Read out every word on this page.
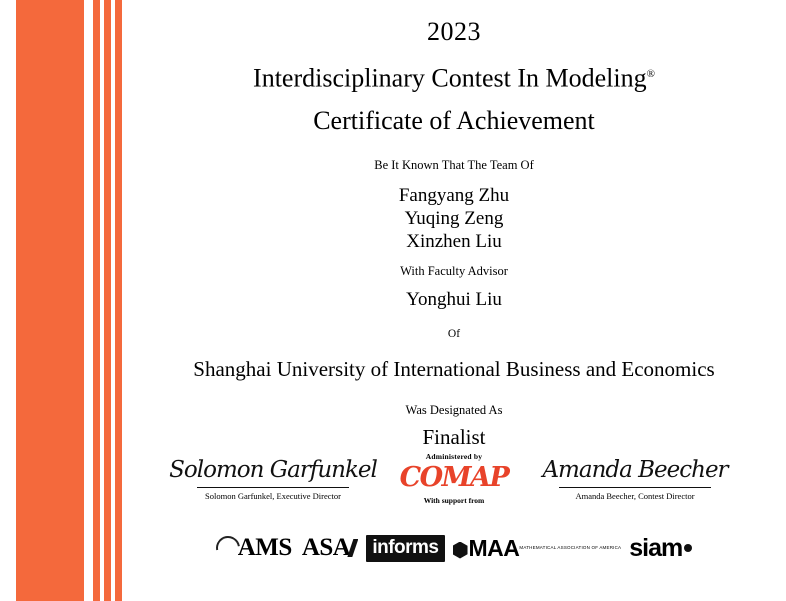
2023
Interdisciplinary Contest In Modeling®
Certificate of Achievement
Be It Known That The Team Of
Fangyang Zhu
Yuqing Zeng
Xinzhen Liu
With Faculty Advisor
Yonghui Liu
Of
Shanghai University of International Business and Economics
Was Designated As
Finalist
Solomon Garfunkel
Solomon Garfunkel, Executive Director
Amanda Beecher
Amanda Beecher, Contest Director
Administered by
COMAP
With support from
AMS ASA	informs	MAA MATHEMATICAL ASSOCIATION OF AMERICA siam
